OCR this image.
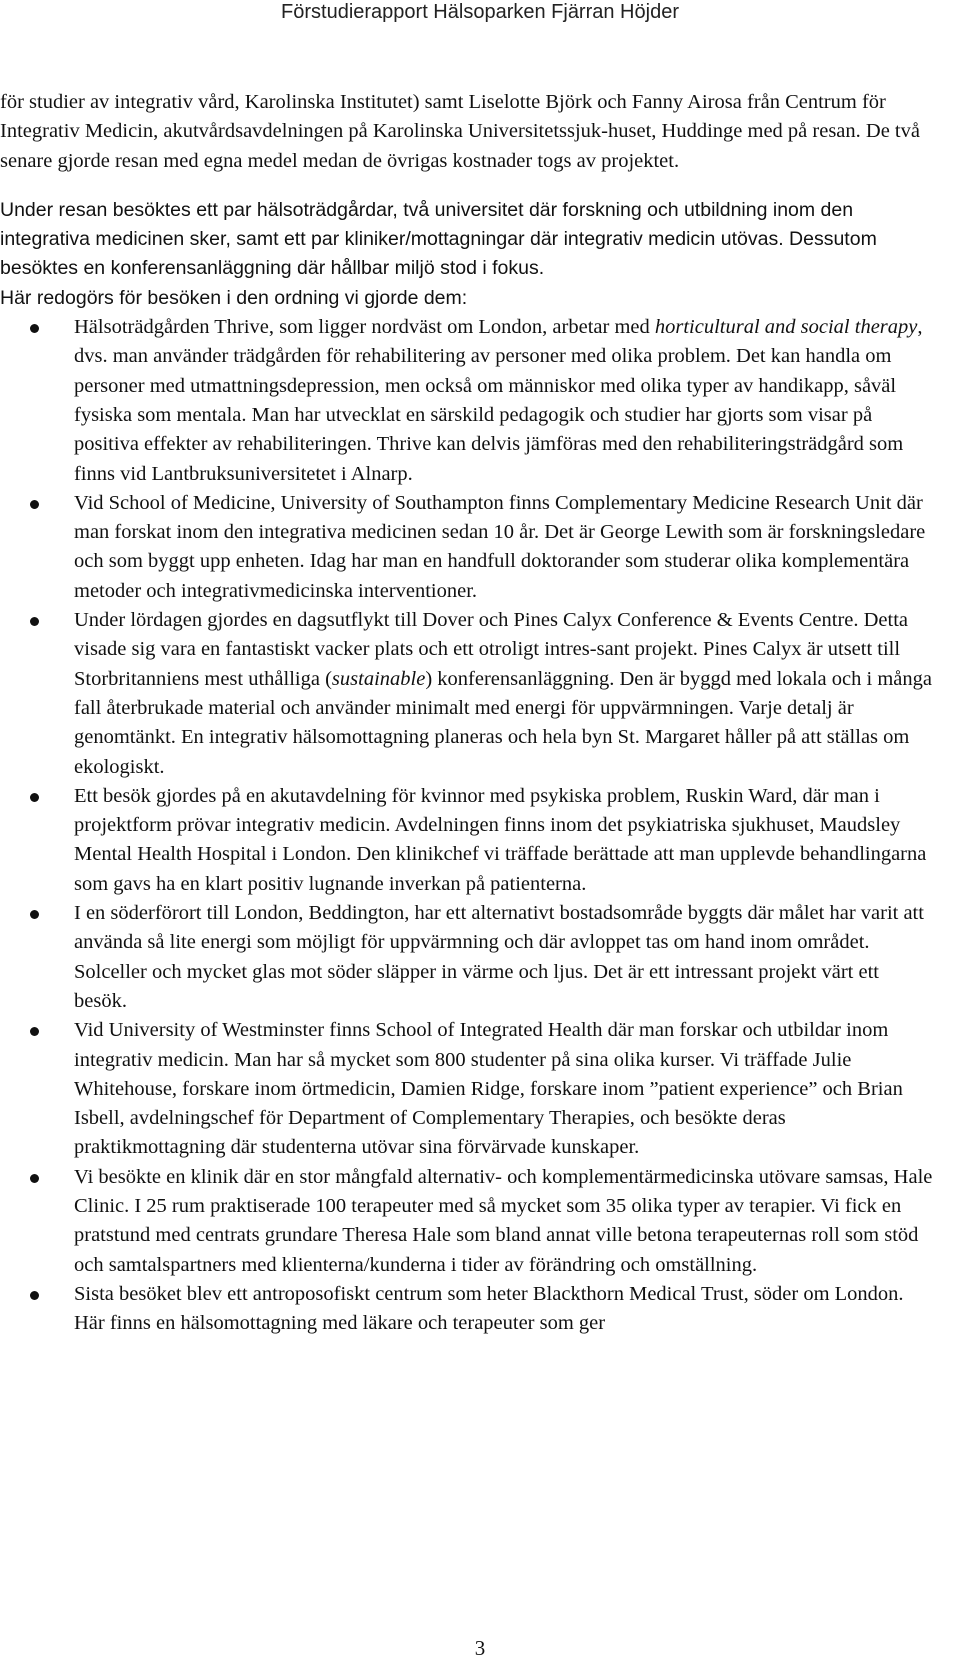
Förstudierapport Hälsoparken Fjärran Höjder

för studier av integrativ vård, Karolinska Institutet) samt Liselotte Björk och Fanny Airosa från Centrum för Integrativ Medicin, akutvårdsavdelningen på Karolinska Universitetssjuk-huset, Huddinge med på resan. De två senare gjorde resan med egna medel medan de övrigas kostnader togs av projektet.

Under resan besöktes ett par hälsoträdgårdar, två universitet där forskning och utbildning inom den integrativa medicinen sker, samt ett par kliniker/mottagningar där integrativ medicin utövas. Dessutom besöktes en konferensanläggning där hållbar miljö stod i fokus.

Här redogörs för besöken i den ordning vi gjorde dem:

Hälsoträdgården Thrive, som ligger nordväst om London, arbetar med horticultural and social therapy, dvs. man använder trädgården för rehabilitering av personer med olika problem. Det kan handla om personer med utmattningsdepression, men också om människor med olika typer av handikapp, såväl fysiska som mentala. Man har utvecklat en särskild pedagogik och studier har gjorts som visar på positiva effekter av rehabiliteringen. Thrive kan delvis jämföras med den rehabiliteringsträdgård som finns vid Lantbruksuniversitetet i Alnarp.
Vid School of Medicine, University of Southampton finns Complementary Medicine Research Unit där man forskat inom den integrativa medicinen sedan 10 år. Det är George Lewith som är forskningsledare och som byggt upp enheten. Idag har man en handfull doktorander som studerar olika komplementära metoder och integrativmedicinska interventioner.
Under lördagen gjordes en dagsutflykt till Dover och Pines Calyx Conference & Events Centre. Detta visade sig vara en fantastiskt vacker plats och ett otroligt intres-sant projekt. Pines Calyx är utsett till Storbritanniens mest uthålliga (sustainable) konferensanläggning. Den är byggd med lokala och i många fall återbrukade material och använder minimalt med energi för uppvärmningen. Varje detalj är genomtänkt. En integrativ hälsomottagning planeras och hela byn St. Margaret håller på att ställas om ekologiskt.
Ett besök gjordes på en akutavdelning för kvinnor med psykiska problem, Ruskin Ward, där man i projektform prövar integrativ medicin. Avdelningen finns inom det psykiatriska sjukhuset, Maudsley Mental Health Hospital i London. Den klinikchef vi träffade berättade att man upplevde behandlingarna som gavs ha en klart positiv lugnande inverkan på patienterna.
I en söderförort till London, Beddington, har ett alternativt bostadsområde byggts där målet har varit att använda så lite energi som möjligt för uppvärmning och där avloppet tas om hand inom området. Solceller och mycket glas mot söder släpper in värme och ljus. Det är ett intressant projekt värt ett besök.
Vid University of Westminster finns School of Integrated Health där man forskar och utbildar inom integrativ medicin. Man har så mycket som 800 studenter på sina olika kurser. Vi träffade Julie Whitehouse, forskare inom örtmedicin, Damien Ridge, forskare inom ”patient experience” och Brian Isbell, avdelningschef för Department of Complementary Therapies, och besökte deras praktikmottagning där studenterna utövar sina förvärvade kunskaper.
Vi besökte en klinik där en stor mångfald alternativ- och komplementärmedicinska utövare samsas, Hale Clinic. I 25 rum praktiserade 100 terapeuter med så mycket som 35 olika typer av terapier. Vi fick en pratstund med centrats grundare Theresa Hale som bland annat ville betona terapeuternas roll som stöd och samtalspartners med klienterna/kunderna i tider av förändring och omställning.
Sista besöket blev ett antroposofiskt centrum som heter Blackthorn Medical Trust, söder om London. Här finns en hälsomottagning med läkare och terapeuter som ger
3
